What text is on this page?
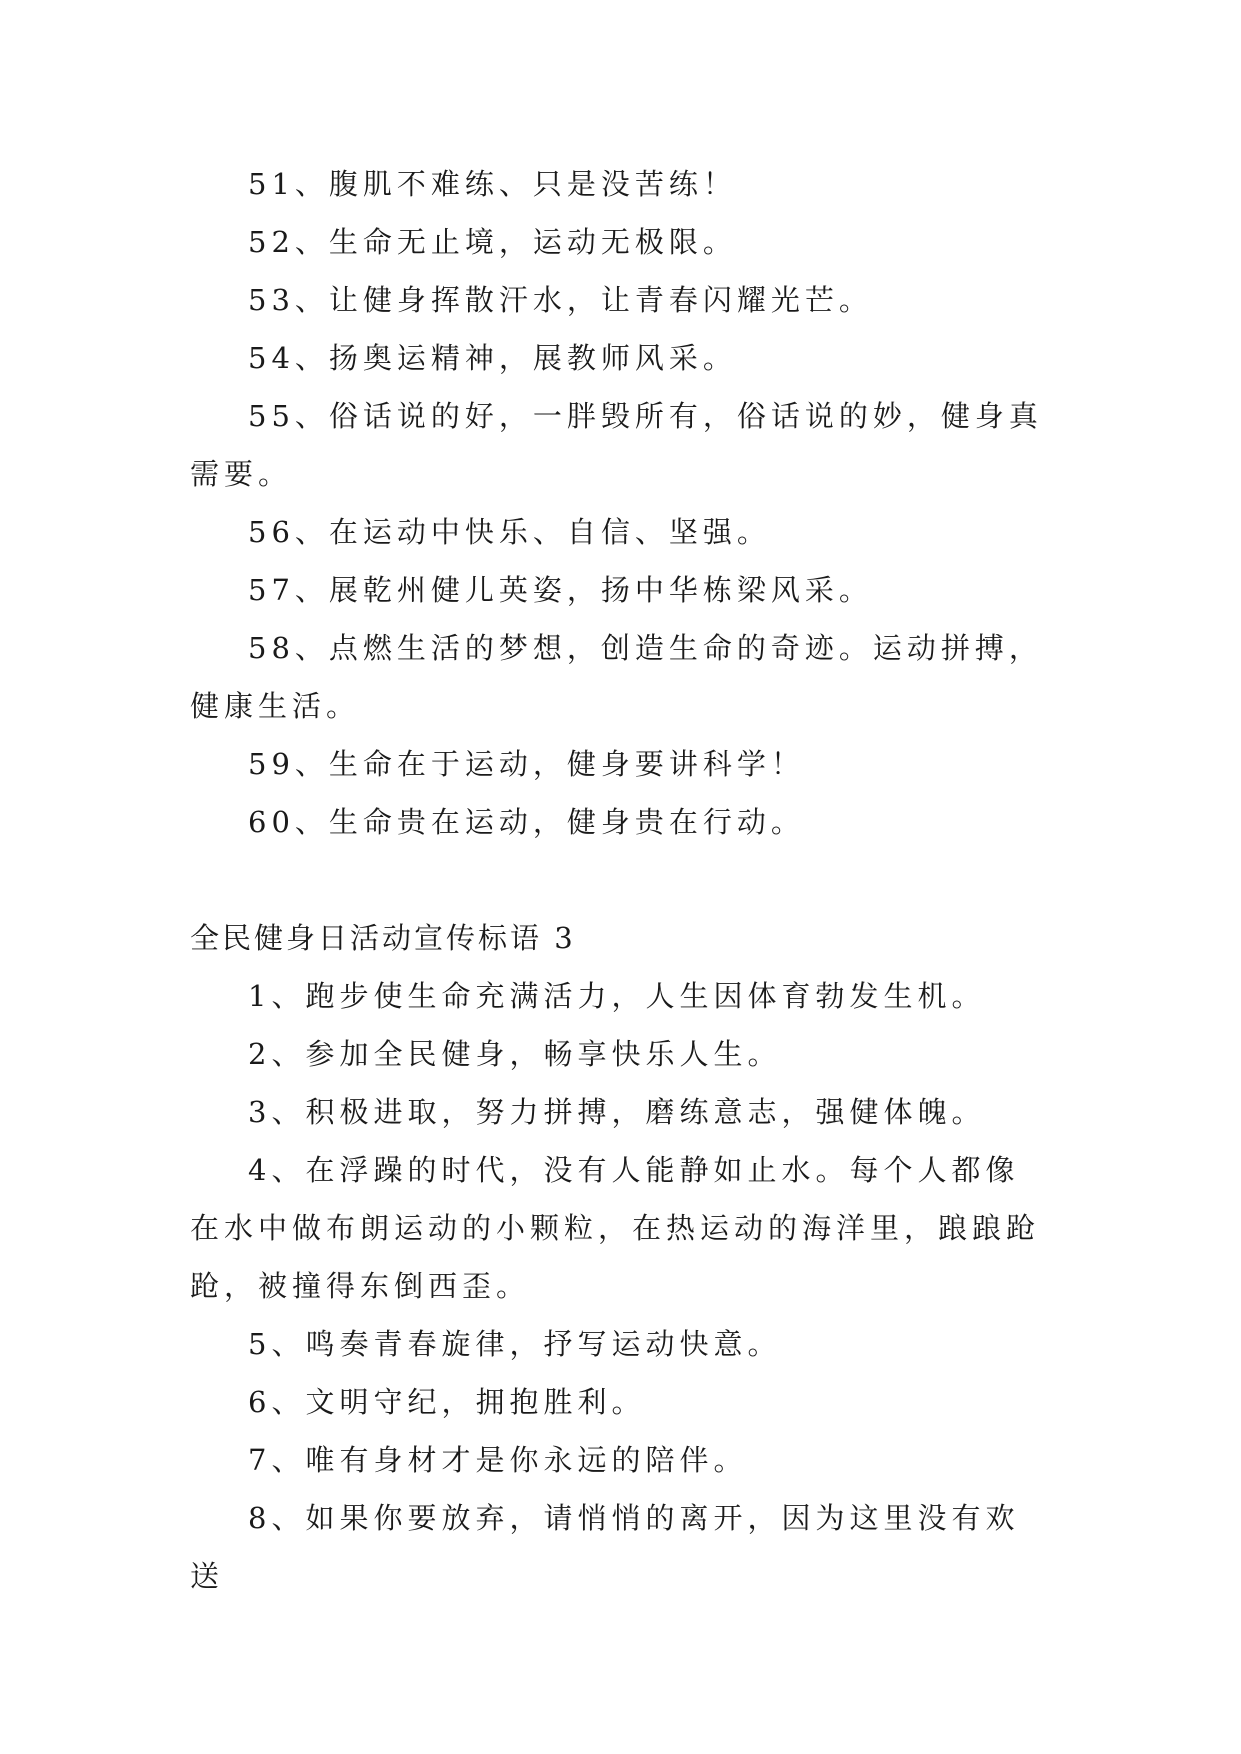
51、腹肌不难练、只是没苦练！

52、生命无止境，运动无极限。

53、让健身挥散汗水，让青春闪耀光芒。

54、扬奥运精神，展教师风采。

55、俗话说的好，一胖毁所有，俗话说的妙，健身真需要。

56、在运动中快乐、自信、坚强。

57、展乾州健儿英姿，扬中华栋梁风采。

58、点燃生活的梦想，创造生命的奇迹。运动拼搏，健康生活。

59、生命在于运动，健身要讲科学！

60、生命贵在运动，健身贵在行动。

全民健身日活动宣传标语 3

1、跑步使生命充满活力，人生因体育勃发生机。

2、参加全民健身，畅享快乐人生。

3、积极进取，努力拼搏，磨练意志，强健体魄。

4、在浮躁的时代，没有人能静如止水。每个人都像在水中做布朗运动的小颗粒，在热运动的海洋里，踉踉跄跄，被撞得东倒西歪。

5、鸣奏青春旋律，抒写运动快意。

6、文明守纪，拥抱胜利。

7、唯有身材才是你永远的陪伴。

8、如果你要放弃，请悄悄的离开，因为这里没有欢送
